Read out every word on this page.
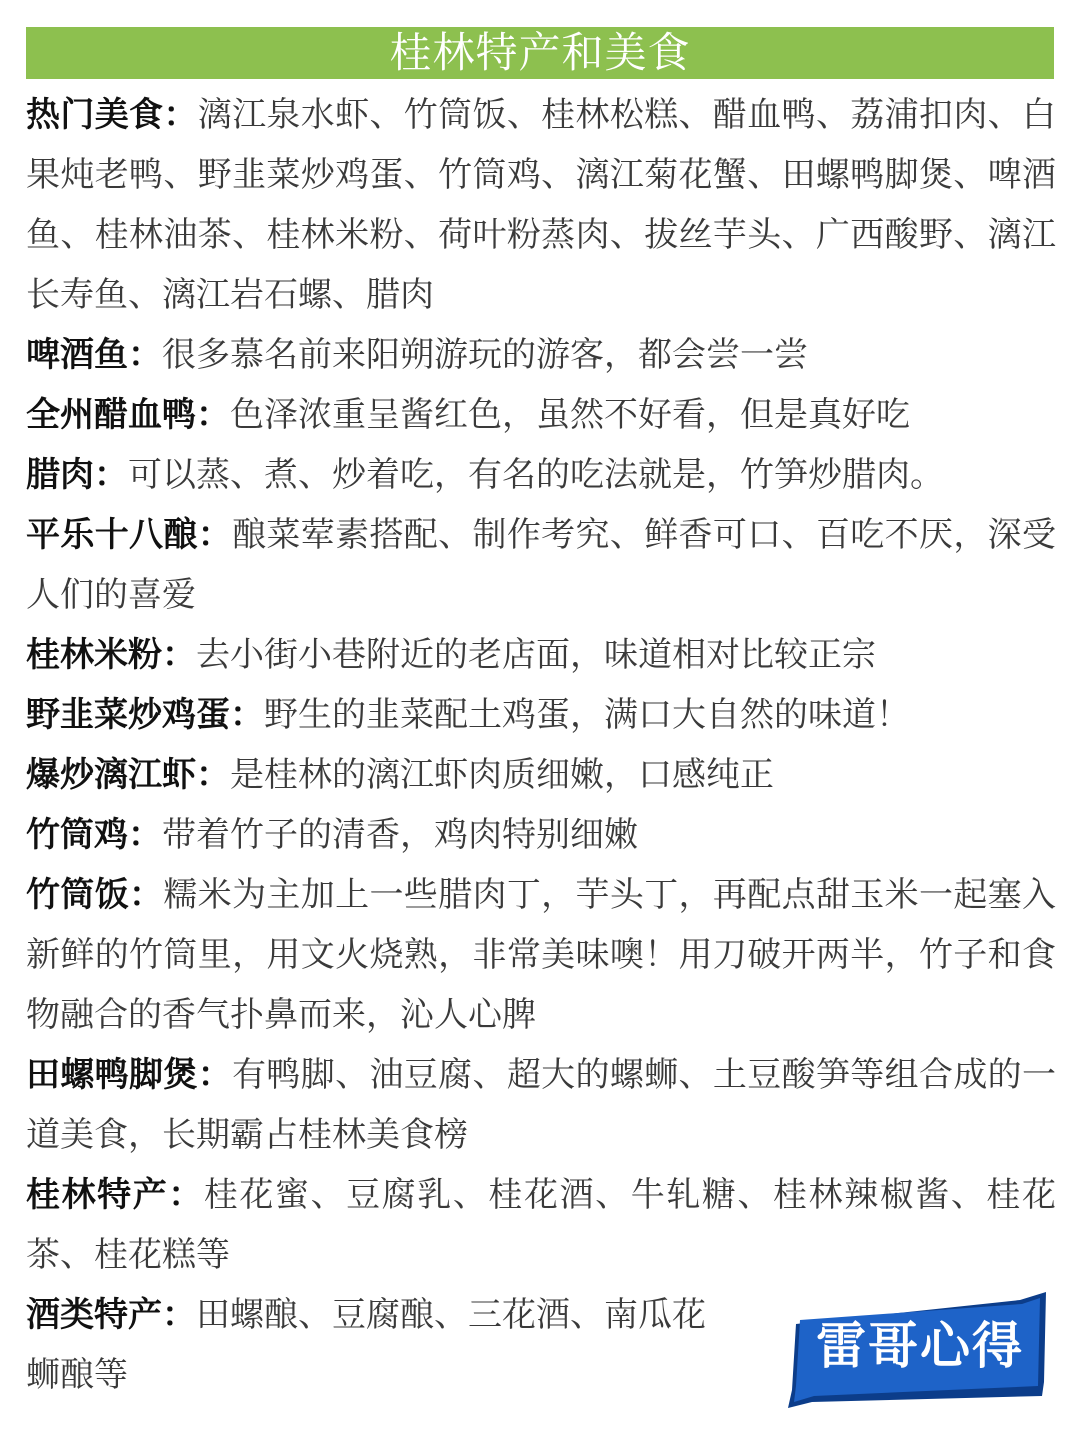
桂林特产和美食

热门美食：漓江泉水虾、竹筒饭、桂林松糕、醋血鸭、荔浦扣肉、白果炖老鸭、野韭菜炒鸡蛋、竹筒鸡、漓江菊花蟹、田螺鸭脚煲、啤酒鱼、桂林油茶、桂林米粉、荷叶粉蒸肉、拔丝芋头、广西酸野、漓江长寿鱼、漓江岩石螺、腊肉

啤酒鱼：很多慕名前来阳朔游玩的游客，都会尝一尝

全州醋血鸭：色泽浓重呈酱红色，虽然不好看，但是真好吃

腊肉：可以蒸、煮、炒着吃，有名的吃法就是，竹笋炒腊肉。

平乐十八酿：酿菜荤素搭配、制作考究、鲜香可口、百吃不厌，深受人们的喜爱

桂林米粉：去小街小巷附近的老店面，味道相对比较正宗

野韭菜炒鸡蛋：野生的韭菜配土鸡蛋，满口大自然的味道！

爆炒漓江虾：是桂林的漓江虾肉质细嫩，口感纯正

竹筒鸡：带着竹子的清香，鸡肉特别细嫩

竹筒饭：糯米为主加上一些腊肉丁，芋头丁，再配点甜玉米一起塞入新鲜的竹筒里，用文火烧熟，非常美味噢！用刀破开两半，竹子和食物融合的香气扑鼻而来，沁人心脾

田螺鸭脚煲：有鸭脚、油豆腐、超大的螺蛳、土豆酸笋等组合成的一道美食，长期霸占桂林美食榜

桂林特产：桂花蜜、豆腐乳、桂花酒、牛轧糖、桂林辣椒酱、桂花茶、桂花糕等

酒类特产：田螺酿、豆腐酿、三花酒、南瓜花

蛳酿等	雷哥心得
